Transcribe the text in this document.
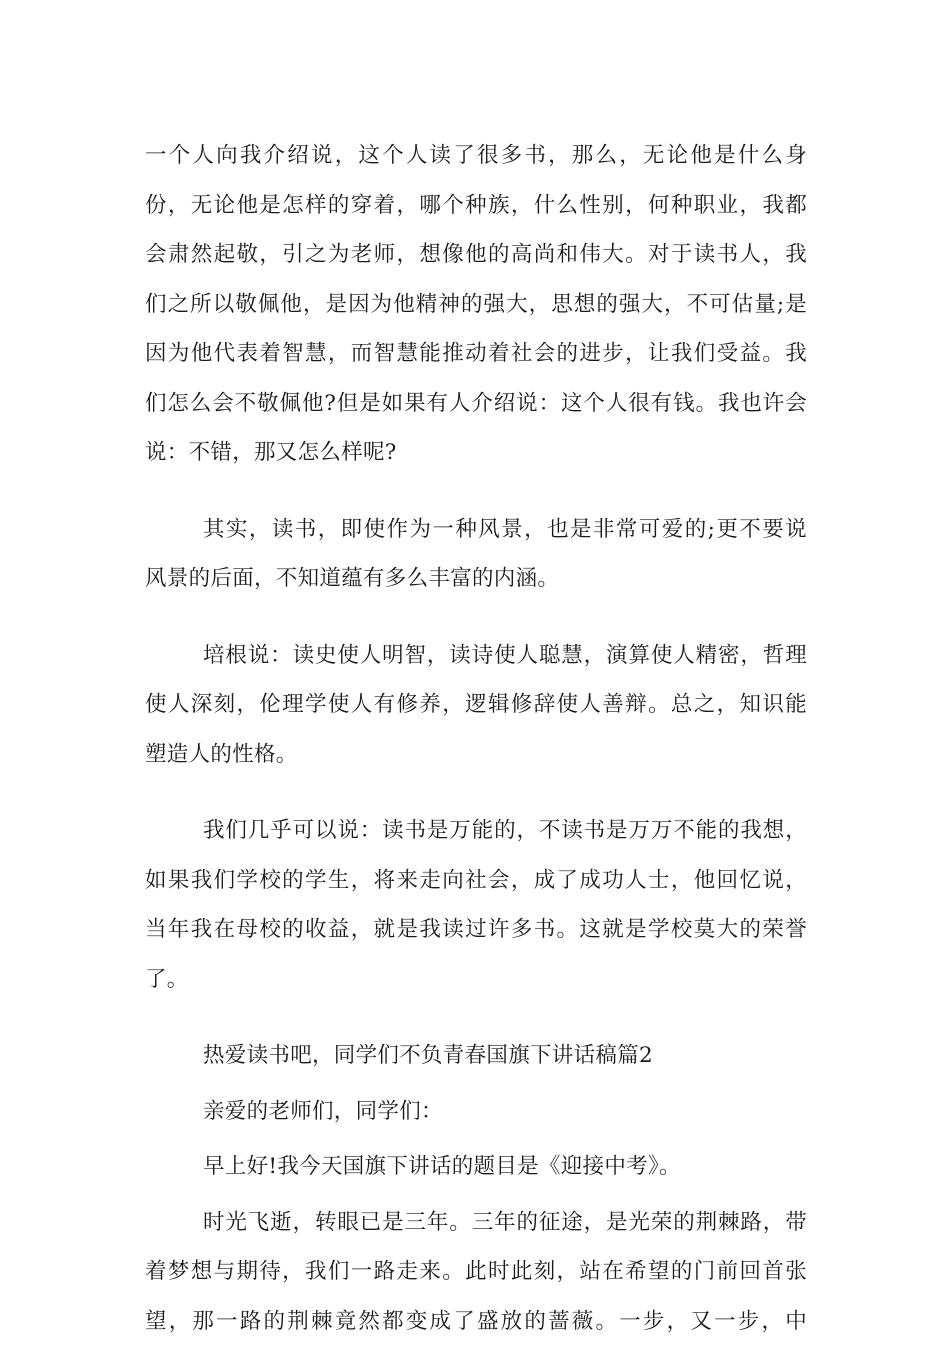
一个人向我介绍说，这个人读了很多书，那么，无论他是什么身
份，无论他是怎样的穿着，哪个种族，什么性别，何种职业，我都
会肃然起敬，引之为老师，想像他的高尚和伟大。对于读书人，我
们之所以敬佩他，是因为他精神的强大，思想的强大，不可估量;是
因为他代表着智慧，而智慧能推动着社会的进步，让我们受益。我
们怎么会不敬佩他?但是如果有人介绍说：这个人很有钱。我也许会
说：不错，那又怎么样呢?
其实，读书，即使作为一种风景，也是非常可爱的;更不要说
风景的后面，不知道蕴有多么丰富的内涵。
培根说：读史使人明智，读诗使人聪慧，演算使人精密，哲理
使人深刻，伦理学使人有修养，逻辑修辞使人善辩。总之，知识能
塑造人的性格。
我们几乎可以说：读书是万能的，不读书是万万不能的我想，
如果我们学校的学生，将来走向社会，成了成功人士，他回忆说，
当年我在母校的收益，就是我读过许多书。这就是学校莫大的荣誉
了。
热爱读书吧，同学们不负青春国旗下讲话稿篇2
亲爱的老师们，同学们：
早上好!我今天国旗下讲话的题目是《迎接中考》。
时光飞逝，转眼已是三年。三年的征途，是光荣的荆棘路，带
着梦想与期待，我们一路走来。此时此刻，站在希望的门前回首张
望，那一路的荆棘竟然都变成了盛放的蔷薇。一步，又一步，中
